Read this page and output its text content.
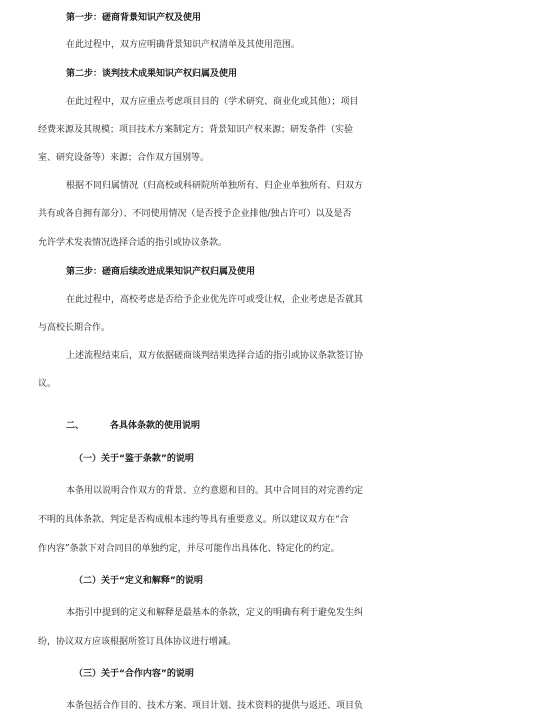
第一步：磋商背景知识产权及使用
在此过程中，双方应明确背景知识产权清单及其使用范围。
第二步：谈判技术成果知识产权归属及使用
在此过程中，双方应重点考虑项目目的（学术研究、商业化或其他）；项目
经费来源及其规模；项目技术方案制定方；背景知识产权来源；研发条件（实验
室、研究设备等）来源；合作双方国别等。
根据不同归属情况（归高校或科研院所单独所有、归企业单独所有、归双方
共有或各自拥有部分）、不同使用情况（是否授予企业排他/独占许可）以及是否
允许学术发表情况选择合适的指引或协议条款。
第三步：磋商后续改进成果知识产权归属及使用
在此过程中，高校考虑是否给予企业优先许可或受让权，企业考虑是否就其
与高校长期合作。
上述流程结束后，双方依据磋商谈判结果选择合适的指引或协议条款签订协
议。
二、	各具体条款的使用说明
（一）关于“鉴于条款”的说明
本条用以说明合作双方的背景、立约意愿和目的。其中合同目的对完善约定
不明的具体条款、判定是否构成根本违约等具有重要意义。所以建议双方在“合
作内容”条款下对合同目的单独约定，并尽可能作出具体化、特定化的约定。
（二）关于“定义和解释”的说明
本指引中提到的定义和解释是最基本的条款，定义的明确有利于避免发生纠
纷，协议双方应该根据所签订具体协议进行增减。
（三）关于“合作内容”的说明
本条包括合作目的、技术方案、项目计划、技术资料的提供与返还、项目负
